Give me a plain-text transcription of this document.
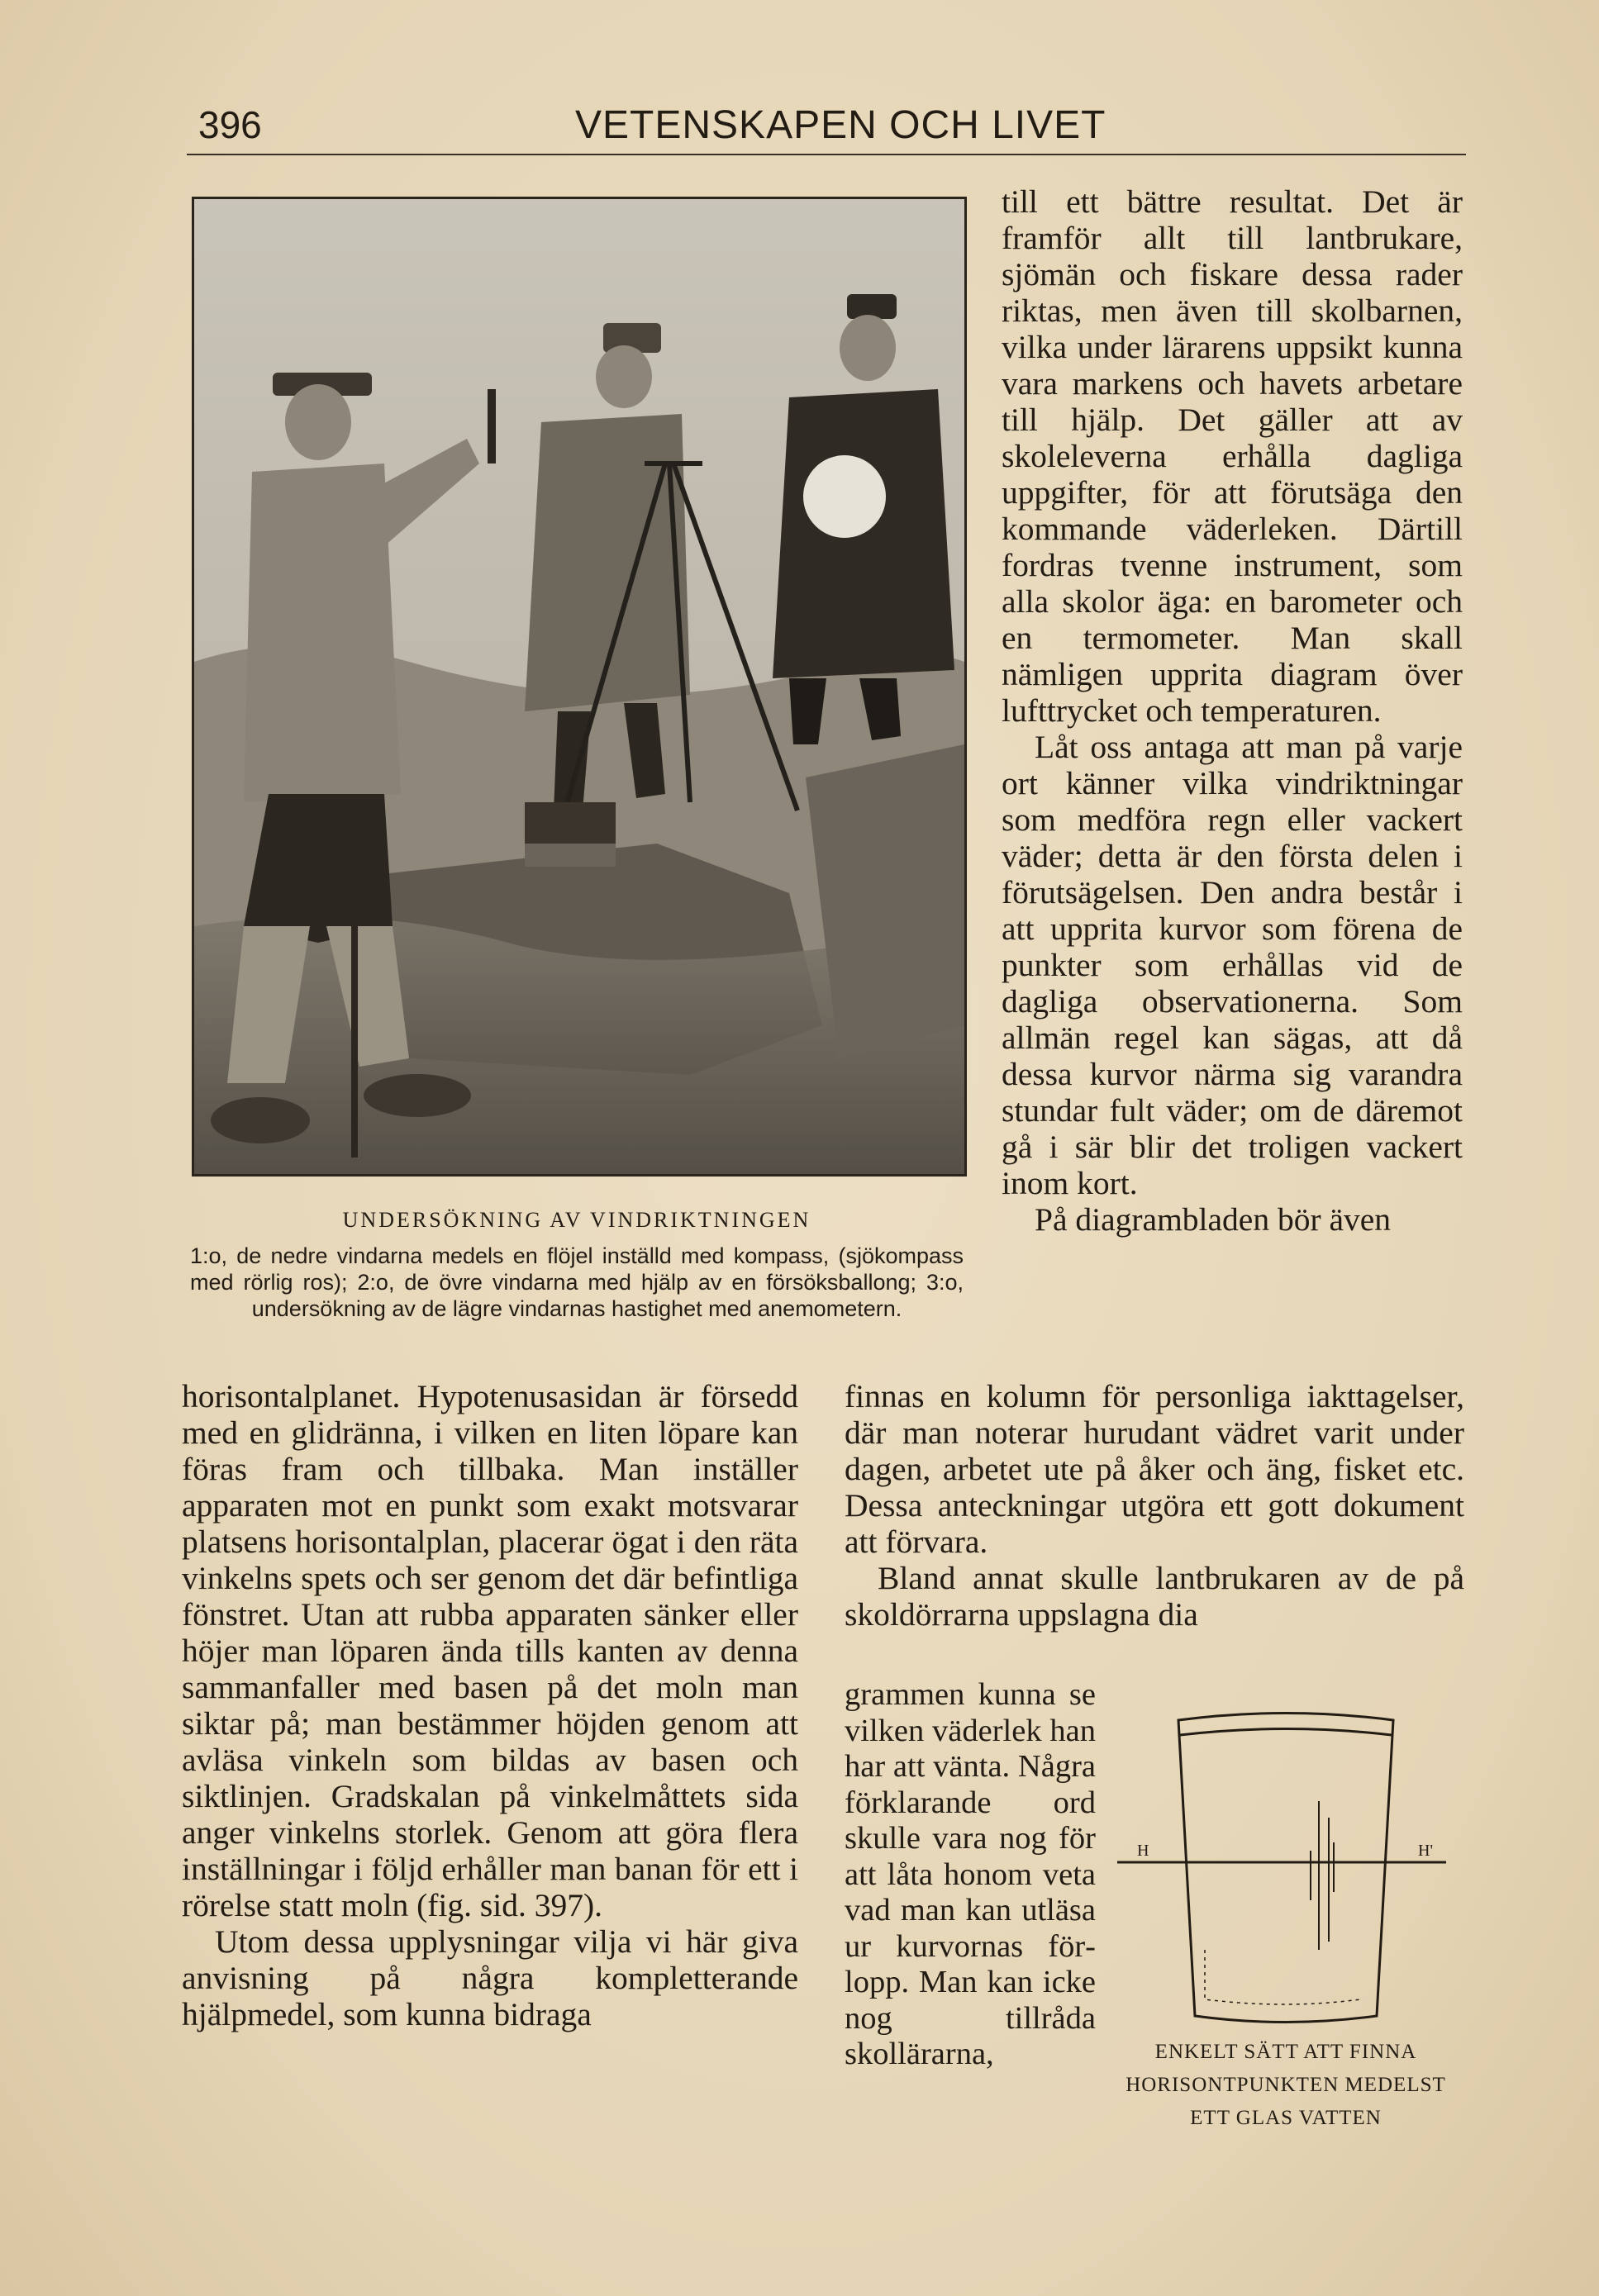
396	VETENSKAPEN OCH LIVET
UNDERSÖKNING AV VINDRIKTNINGEN
1:o, de nedre vindarna medels en flöjel inställd med kompass, (sjökompass med rörlig ros); 2:o, de övre vindarna med hjälp av en försöksballong; 3:o, undersökning av de lägre vindarnas hastighet med anemometern.

till ett bättre resultat. Det är framför allt till lantbrukare, sjömän och fiskare dessa rader riktas, men även till skolbarnen, vilka under lärarens uppsikt kunna vara markens och havets arbetare till hjälp. Det gäller att av skoleleverna erhålla dagliga uppgifter, för att förutsäga den kommande väderleken. Därtill fordras tvenne instrument, som alla skolor äga: en barometer och en termometer. Man skall nämligen upprita diagram över lufttrycket och temperaturen.

Låt oss antaga att man på varje ort känner vilka vindriktningar som medföra regn eller vackert väder; detta är den första delen i förutsägelsen. Den andra består i att upprita kurvor som förena de punkter som erhållas vid de dagliga observationerna. Som allmän regel kan sägas, att då dessa kurvor närma sig varandra stundar fult väder; om de däremot gå i sär blir det troligen vackert inom kort.

På diagrambladen bör även

horisontalplanet. Hypotenusasidan är försedd med en glidränna, i vilken en liten löpare kan föras fram och tillbaka. Man inställer apparaten mot en punkt som exakt motsvarar platsens horisontalplan, placerar ögat i den räta vinkelns spets och ser genom det där befintliga fönstret. Utan att rubba apparaten sänker eller höjer man löparen ända tills kanten av denna sammanfaller med basen på det moln man siktar på; man bestämmer höjden genom att avläsa vinkeln som bildas av basen och siktlinjen. Gradskalan på vinkelmåttets sida anger vinkelns storlek. Genom att göra flera inställningar i följd erhåller man banan för ett i rörelse statt moln (fig. sid. 397).

Utom dessa upplysningar vilja vi här giva anvisning på några kompletterande hjälpmedel, som kunna bidraga

finnas en kolumn för personliga iakttagelser, där man noterar hurudant vädret varit under dagen, arbetet ute på åker och äng, fisket etc. Dessa anteckningar utgöra ett gott dokument att förvara.

Bland annat skulle lantbrukaren av de på skoldörrarna uppslagna dia

grammen kunna se vilken väderlek han har att vänta. Några förklarande ord skulle vara nog för att låta honom veta vad man kan utläsa ur kurvornas förlopp. Man kan icke nog tillråda skollärarna,

H	H'
ENKELT SÄTT ATT FINNA HORISONTPUNKTEN MEDELST ETT GLAS VATTEN
